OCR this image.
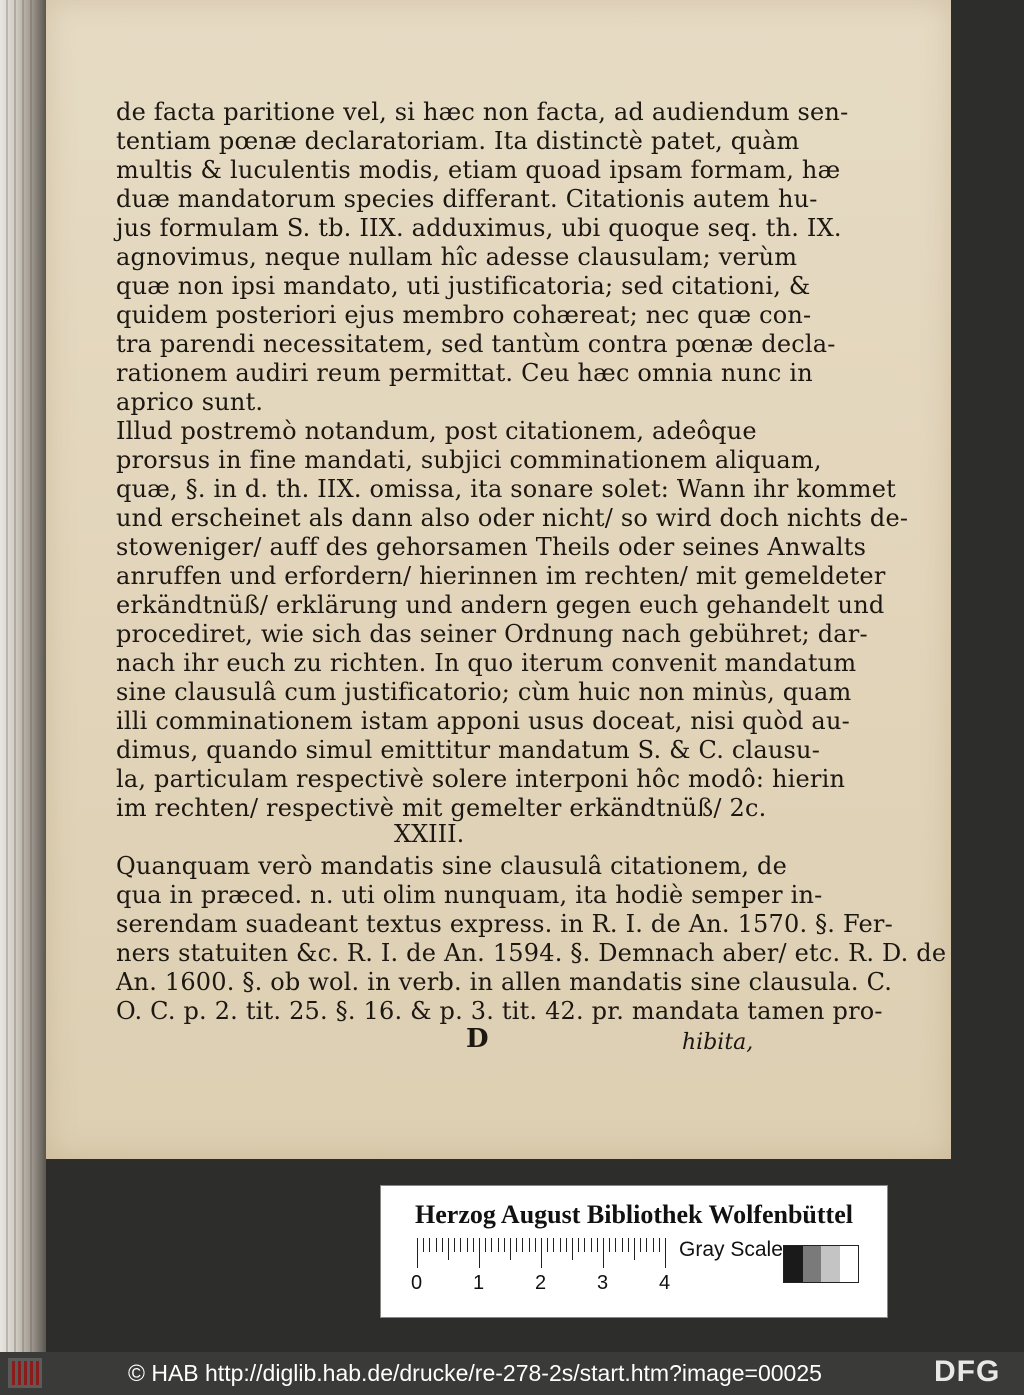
de facta paritione vel, si hæc non facta, ad audiendum sen-
tentiam pœnæ declaratoriam. Ita distinctè patet, quàm
multis & luculentis modis, etiam quoad ipsam formam, hæ
duæ mandatorum species differant. Citationis autem hu-
jus formulam S. tb. IIX. adduximus, ubi quoque seq. th. IX.
agnovimus, neque nullam hîc adesse clausulam; verùm
quæ non ipsi mandato, uti justificatoria; sed citationi, &
quidem posteriori ejus membro cohæreat; nec quæ con-
tra parendi necessitatem, sed tantùm contra pœnæ decla-
rationem audiri reum permittat. Ceu hæc omnia nunc in
aprico sunt.
Illud postremò notandum, post citationem, adeôque
prorsus in fine mandati, subjici comminationem aliquam,
quæ, §. in d. th. IIX. omissa, ita sonare solet: Wann ihr kommet
und erscheinet als dann also oder nicht/ so wird doch nichts de-
stoweniger/ auff des gehorsamen Theils oder seines Anwalts
anruffen und erfordern/ hierinnen im rechten/ mit gemeldeter
erkändtnüß/ erklärung und andern gegen euch gehandelt und
procediret, wie sich das seiner Ordnung nach gebühret; dar-
nach ihr euch zu richten. In quo iterum convenit mandatum
sine clausulâ cum justificatorio; cùm huic non minùs, quam
illi comminationem istam apponi usus doceat, nisi quòd au-
dimus, quando simul emittitur mandatum S. & C. clausu-
la, particulam respectivè solere interponi hôc modô: hierin
im rechten/ respectivè mit gemelter erkändtnüß/ 2c.
XXIII.
Quanquam verò mandatis sine clausulâ citationem, de
qua in præced. n. uti olim nunquam, ita hodiè semper in-
serendam suadeant textus express. in R. I. de An. 1570. §. Fer-
ners statuiten &c. R. I. de An. 1594. §. Demnach aber/ etc. R. D. de
An. 1600. §. ob wol. in verb. in allen mandatis sine clausula. C.
O. C. p. 2. tit. 25. §. 16. & p. 3. tit. 42. pr. mandata tamen pro-
D	hibita,
Herzog August Bibliothek Wolfenbüttel
0	1	2	3	4
Gray Scale
© HAB http://diglib.hab.de/drucke/re-278-2s/start.htm?image=00025	DFG
